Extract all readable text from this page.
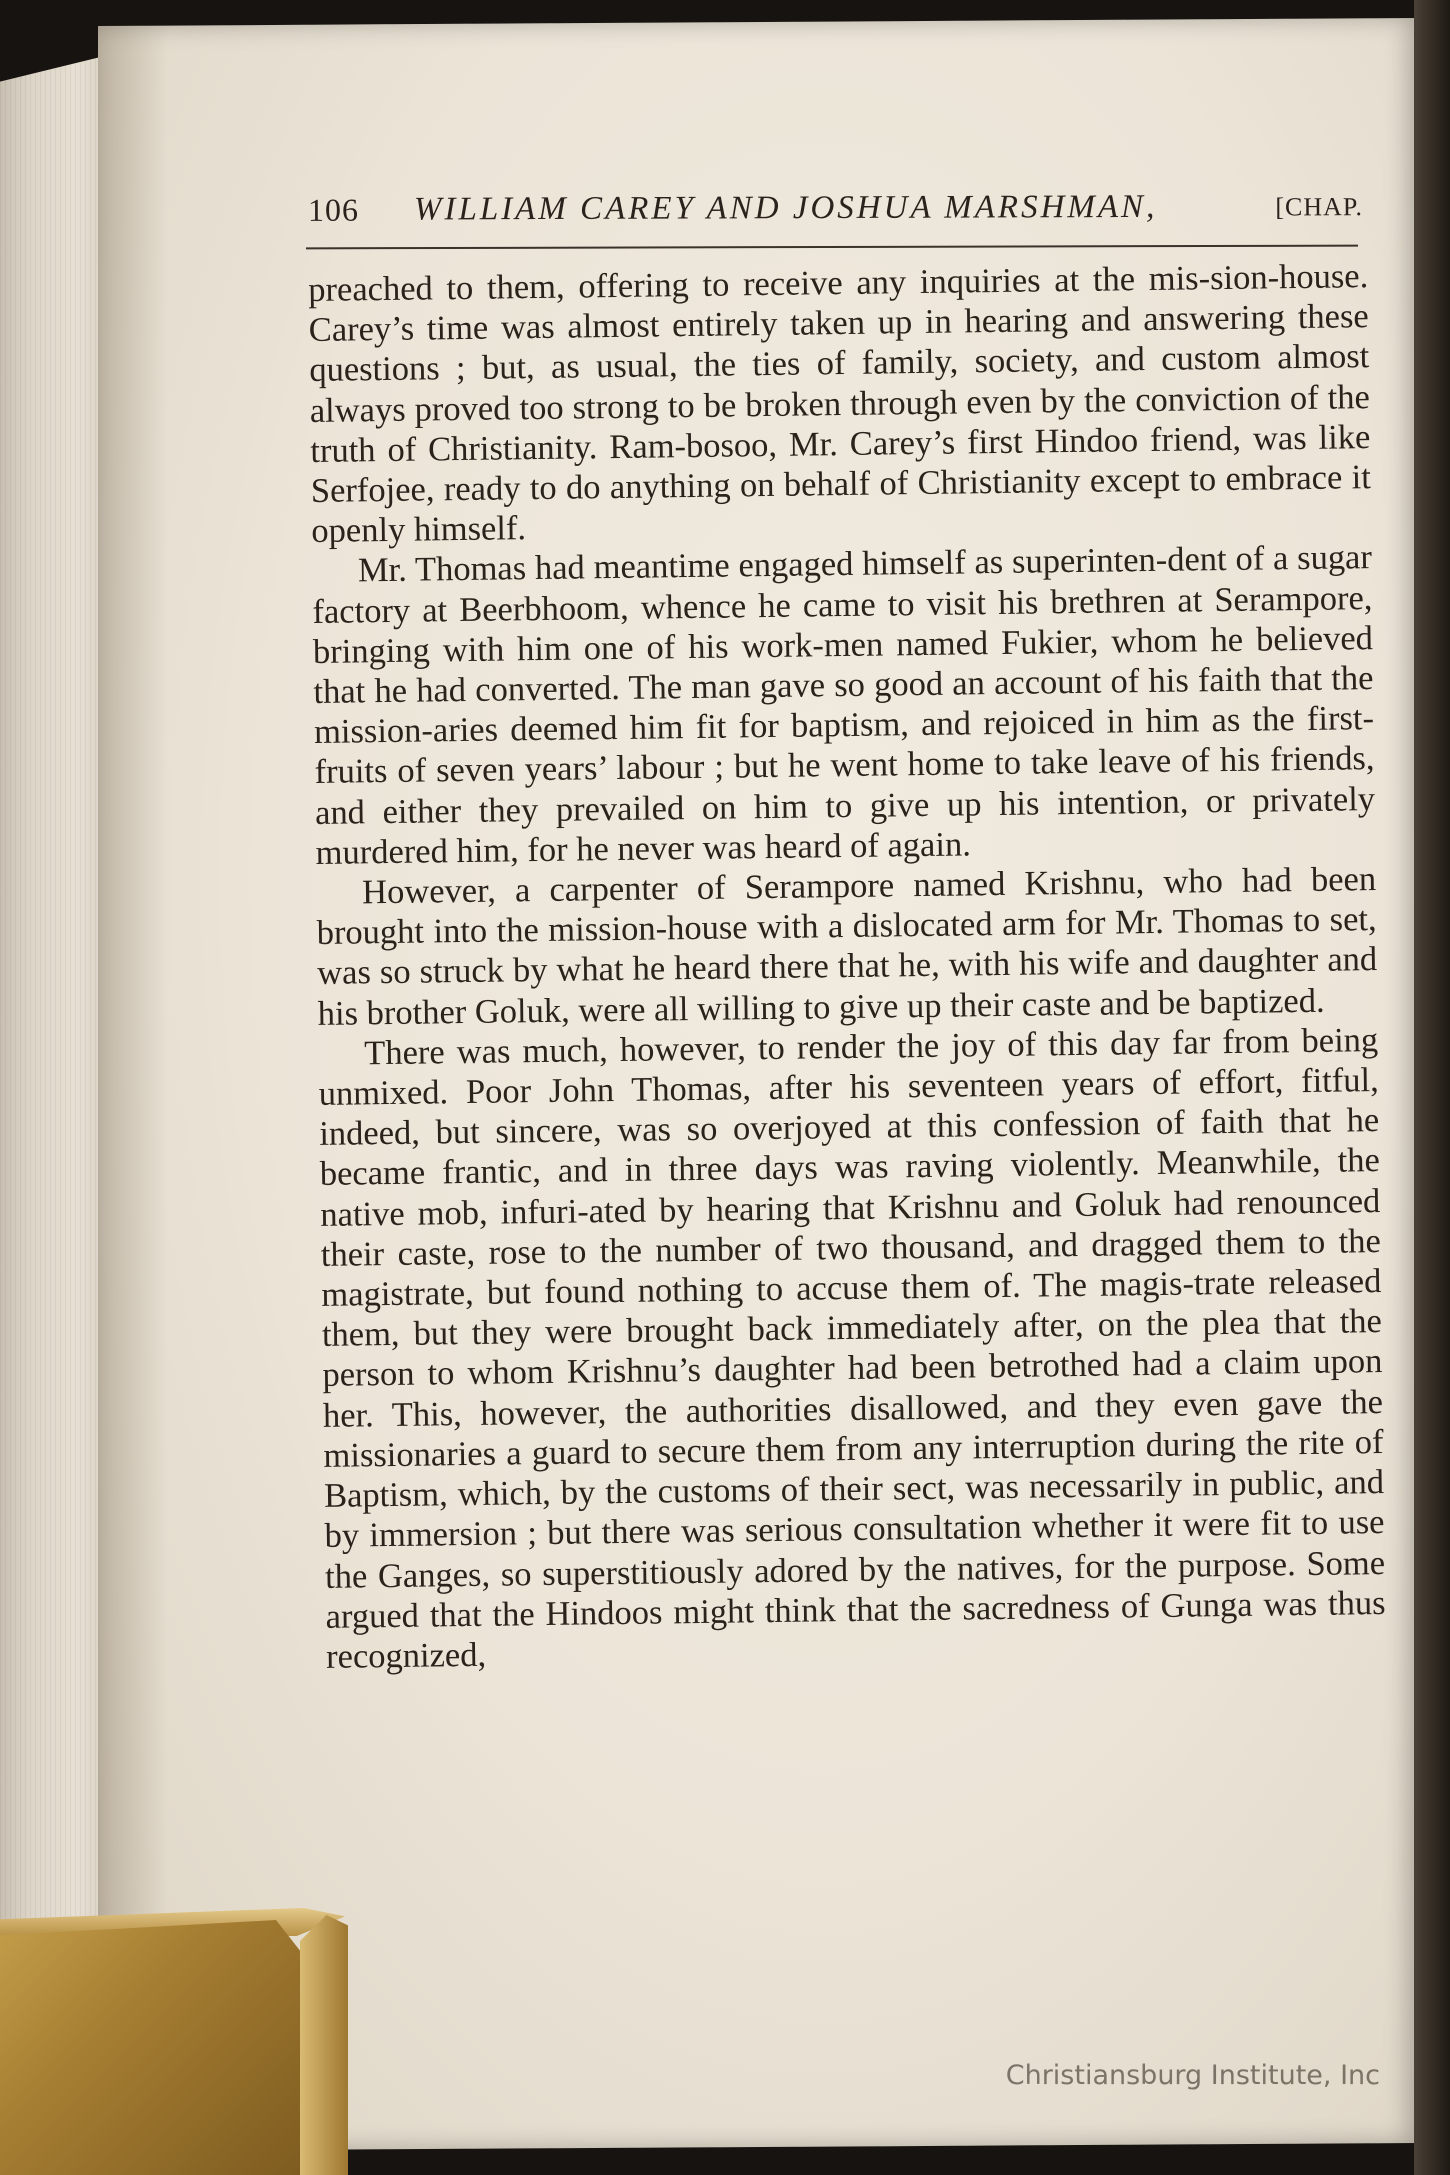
106 WILLIAM CAREY AND JOSHUA MARSHMAN,	[CHAP.

preached to them, offering to receive any inquiries at the mis-sion-house. Carey’s time was almost entirely taken up in hearing and answering these questions ; but, as usual, the ties of family, society, and custom almost always proved too strong to be broken through even by the conviction of the truth of Christianity. Ram-bosoo, Mr. Carey’s first Hindoo friend, was like Serfojee, ready to do anything on behalf of Christianity except to embrace it openly himself.

Mr. Thomas had meantime engaged himself as superinten-dent of a sugar factory at Beerbhoom, whence he came to visit his brethren at Serampore, bringing with him one of his work-men named Fukier, whom he believed that he had converted. The man gave so good an account of his faith that the mission-aries deemed him fit for baptism, and rejoiced in him as the first-fruits of seven years’ labour ; but he went home to take leave of his friends, and either they prevailed on him to give up his intention, or privately murdered him, for he never was heard of again.

However, a carpenter of Serampore named Krishnu, who had been brought into the mission-house with a dislocated arm for Mr. Thomas to set, was so struck by what he heard there that he, with his wife and daughter and his brother Goluk, were all willing to give up their caste and be baptized.

There was much, however, to render the joy of this day far from being unmixed. Poor John Thomas, after his seventeen years of effort, fitful, indeed, but sincere, was so overjoyed at this confession of faith that he became frantic, and in three days was raving violently. Meanwhile, the native mob, infuri-ated by hearing that Krishnu and Goluk had renounced their caste, rose to the number of two thousand, and dragged them to the magistrate, but found nothing to accuse them of. The magis-trate released them, but they were brought back immediately after, on the plea that the person to whom Krishnu’s daughter had been betrothed had a claim upon her. This, however, the authorities disallowed, and they even gave the missionaries a guard to secure them from any interruption during the rite of Baptism, which, by the customs of their sect, was necessarily in public, and by immersion ; but there was serious consultation whether it were fit to use the Ganges, so superstitiously adored by the natives, for the purpose. Some argued that the Hindoos might think that the sacredness of Gunga was thus recognized,

Christiansburg Institute, Inc
